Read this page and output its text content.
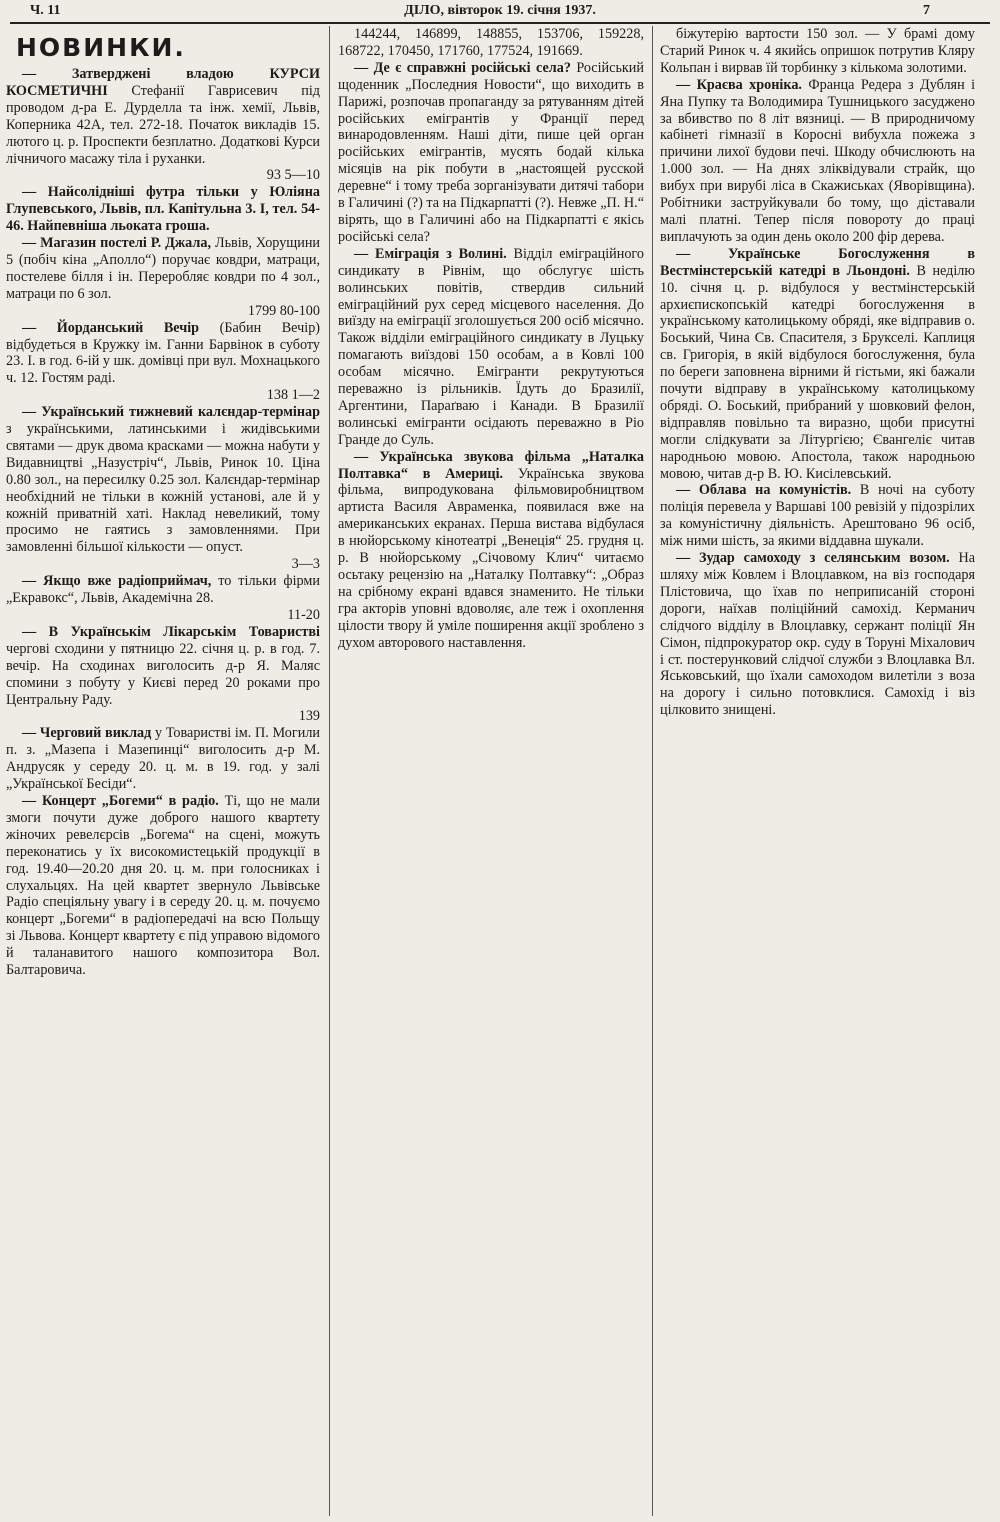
Ч. 11	ДІЛО, вівторок 19. січня 1937.	7
НОВИНКИ.

— Затверджені владою КУРСИ КОСМЕТИЧНІ Стефанії Гаврисевич під проводом д-ра Е. Дурделла та інж. хемії, Львів, Коперника 42А, тел. 272-18. Початок викладів 15. лютого ц. р. Проспекти безплатно. Додаткові Курси лічничого масажу тіла і руханки.
93 5—10

— Найсолідніші футра тільки у Юліяна Глупевського, Львів, пл. Капітульна 3. І, тел. 54-46. Найпевніша льоката гроша.

— Магазин постелі Р. Джала, Львів, Хорущини 5 (побіч кіна „Аполло“) поручає ковдри, матраци, постелеве білля і ін. Переробляє ковдри по 4 зол., матраци по 6 зол.
1799 80-100

— Йорданський Вечір (Бабин Вечір) відбудеться в Кружку ім. Ганни Барвінок в суботу 23. І. в год. 6-ій у шк. домівці при вул. Мохнацького ч. 12. Гостям раді.
138 1—2

— Український тижневий калєндар-термінар з українськими, латинськими і жидівськими святами — друк двома красками — можна набути у Видавництві „Назустріч“, Львів, Ринок 10. Ціна 0.80 зол., на пересилку 0.25 зол. Калєндар-термінар необхідний не тільки в кожній установі, але й у кожній приватній хаті. Наклад невеликий, тому просимо не гаятись з замовленнями. При замовленні більшої кількости — опуст.
3—3

— Якщо вже радіоприймач, то тільки фірми „Екравокс“, Львів, Академічна 28.
11-20

— В Українськім Лікарськім Товаристві чергові сходини у пятницю 22. січня ц. р. в год. 7. вечір. На сходинах виголосить д-р Я. Маляс спомини з побуту у Києві перед 20 роками про Центральну Раду.
139

— Черговий виклад у Товаристві ім. П. Могили п. з. „Мазепа і Мазепинці“ виголосить д-р М. Андрусяк у середу 20. ц. м. в 19. год. у залі „Української Бесіди“.

— Концерт „Богеми“ в радіо. Ті, що не мали змоги почути дуже доброго нашого квартету жіночих ревелєрсів „Богема“ на сцені, можуть переконатись у їх високомистецькій продукції в год. 19.40—20.20 дня 20. ц. м. при голосниках і слухальцях. На цей квартет звернуло Львівське Радіо спеціяльну увагу і в середу 20. ц. м. почуємо концерт „Богеми“ в радіопередачі на всю Польщу зі Львова. Концерт квартету є під управою відомого й таланавитого нашого композитора Вол. Балтаровича.

144244, 146899, 148855, 153706, 159228, 168722, 170450, 171760, 177524, 191669.

— Де є справжні російські села? Російський щоденник „Последния Новости“, що виходить в Парижі, розпочав пропаганду за рятуванням дітей російських емігрантів у Франції перед винародовленням. Наші діти, пише цей орган російських емігрантів, мусять бодай кілька місяців на рік побути в „настоящей русской деревне“ і тому треба зорганізувати дитячі табори в Галичині (?) та на Підкарпатті (?). Невже „П. Н.“ вірять, що в Галичині або на Підкарпатті є якісь російські села?

— Еміграція з Волині. Відділ еміграційного синдикату в Рівнім, що обслугує шість волинських повітів, ствердив сильний еміграційний рух серед місцевого населення. До виїзду на еміграції зголошується 200 осіб місячно. Також відділи еміграційного синдикату в Луцьку помагають виїздові 150 особам, а в Ковлі 100 особам місячно. Емігранти рекрутуються переважно із рільників. Їдуть до Бразилії, Аргентини, Параґваю і Канади. В Бразилії волинські емігранти осідають переважно в Ріо Гранде до Суль.

— Українська звукова фільма „Наталка Полтавка“ в Америці. Українська звукова фільма, випродукована фільмовиробництвом артиста Василя Авраменка, появилася вже на американських екранах. Перша вистава відбулася в нюйорському кінотеатрі „Венеція“ 25. грудня ц. р. В нюйорському „Січовому Клич“ читаємо осьтаку рецензію на „Наталку Полтавку“: „Образ на срібному екрані вдався знаменито. Не тільки гра акторів уповні вдоволяє, але теж і охоплення цілости твору й уміле поширення акції зроблено з духом авторового наставлення.

біжутерію вартости 150 зол. — У брамі дому Старий Ринок ч. 4 якийсь опришок потрутив Кляру Кольпан і вирвав їй торбинку з кількома золотими.

— Краєва хроніка. Франца Редера з Дублян і Яна Пупку та Володимира Тушницького засуджено за вбивство по 8 літ вязниці. — В природничому кабінеті гімназії в Коросні вибухла пожежа з причини лихої будови печі. Шкоду обчислюють на 1.000 зол. — На днях зліквідували страйк, що вибух при вирубі ліса в Скажиськах (Яворівщина). Робітники заструйкували бо тому, що діставали малі платні. Тепер після повороту до праці виплачують за один день около 200 фір дерева.

— Українське Богослуження в Вестмінстерській катедрі в Льондоні. В неділю 10. січня ц. р. відбулося у вестмінстерській архиєпископській катедрі богослуження в українському католицькому обряді, яке відправив о. Боський, Чина Св. Спасителя, з Брукселі. Каплиця св. Григорія, в якій відбулося богослуження, була по береги заповнена вірними й гістьми, які бажали почути відправу в українському католицькому обряді. О. Боський, прибраний у шовковий фелон, відправляв повільно та виразно, щоби присутні могли слідкувати за Літургією; Євангеліє читав народньою мовою. Апостола, також народньою мовою, читав д-р В. Ю. Кисілевський.

— Облава на комуністів. В ночі на суботу поліція перевела у Варшаві 100 ревізій у підозрілих за комуністичну діяльність. Арештовано 96 осіб, між ними шість, за якими віддавна шукали.

— Зудар самоходу з селянським возом. На шляху між Ковлем і Влоцлавком, на віз господаря Плістовича, що їхав по неприписаній стороні дороги, наїхав поліційний самохід. Керманич слідчого відділу в Влоцлавку, сержант поліції Ян Сімон, підпрокуратор окр. суду в Торуні Міхалович і ст. постерунковий слідчої служби з Влоцлавка Вл. Яськовський, що їхали самоходом вилетіли з воза на дорогу і сильно потовклися. Самохід і віз цілковито знищені.
